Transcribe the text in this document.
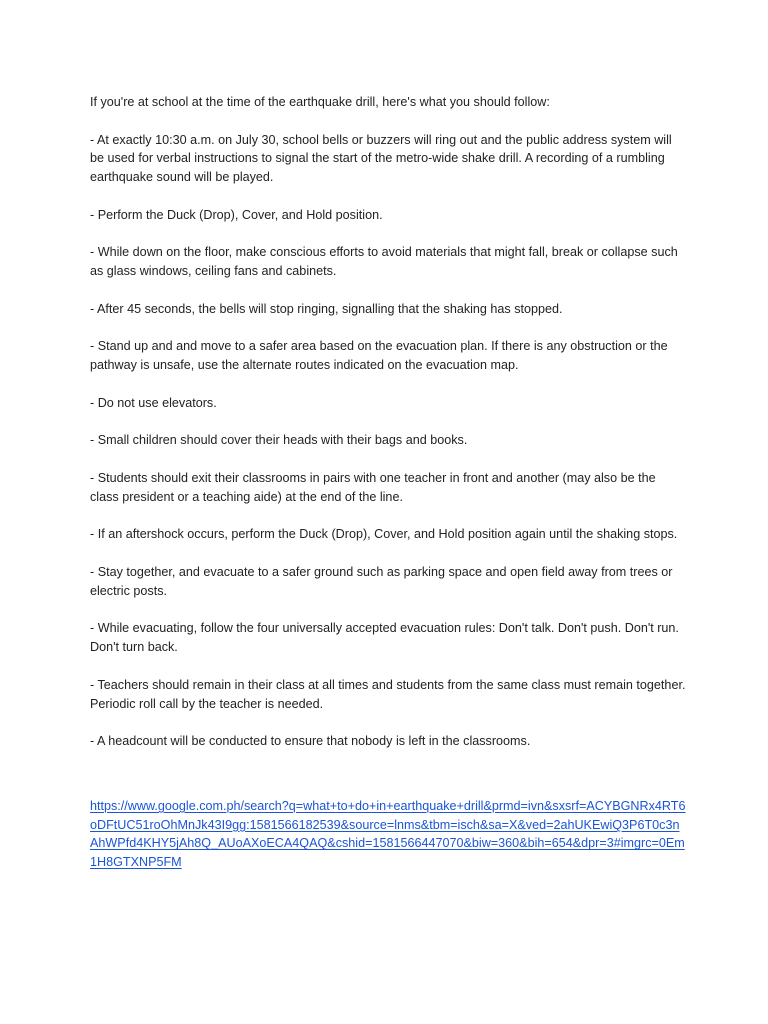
If you're at school at the time of the earthquake drill, here's what you should follow:

- At exactly 10:30 a.m. on July 30, school bells or buzzers will ring out and the public address system will be used for verbal instructions to signal the start of the metro-wide shake drill. A recording of a rumbling earthquake sound will be played.

- Perform the Duck (Drop), Cover, and Hold position.

- While down on the floor, make conscious efforts to avoid materials that might fall, break or collapse such as glass windows, ceiling fans and cabinets.

- After 45 seconds, the bells will stop ringing, signalling that the shaking has stopped.

- Stand up and and move to a safer area based on the evacuation plan. If there is any obstruction or the pathway is unsafe, use the alternate routes indicated on the evacuation map.

- Do not use elevators.

- Small children should cover their heads with their bags and books.

- Students should exit their classrooms in pairs with one teacher in front and another (may also be the class president or a teaching aide) at the end of the line.

- If an aftershock occurs, perform the Duck (Drop), Cover, and Hold position again until the shaking stops.

- Stay together, and evacuate to a safer ground such as parking space and open field away from trees or electric posts.

- While evacuating, follow the four universally accepted evacuation rules: Don't talk. Don't push. Don't run. Don't turn back.

- Teachers should remain in their class at all times and students from the same class must remain together. Periodic roll call by the teacher is needed.

- A headcount will be conducted to ensure that nobody is left in the classrooms.

https://www.google.com.ph/search?q=what+to+do+in+earthquake+drill&prmd=ivn&sxsrf=ACYBGNRx4RT6oDFtUC51roOhMnJk43I9gg:1581566182539&source=lnms&tbm=isch&sa=X&ved=2ahUKEwiQ3P6T0c3nAhWPfd4KHY5jAh8Q_AUoAXoECA4QAQ&cshid=1581566447070&biw=360&bih=654&dpr=3#imgrc=0Em1H8GTXNP5FM
